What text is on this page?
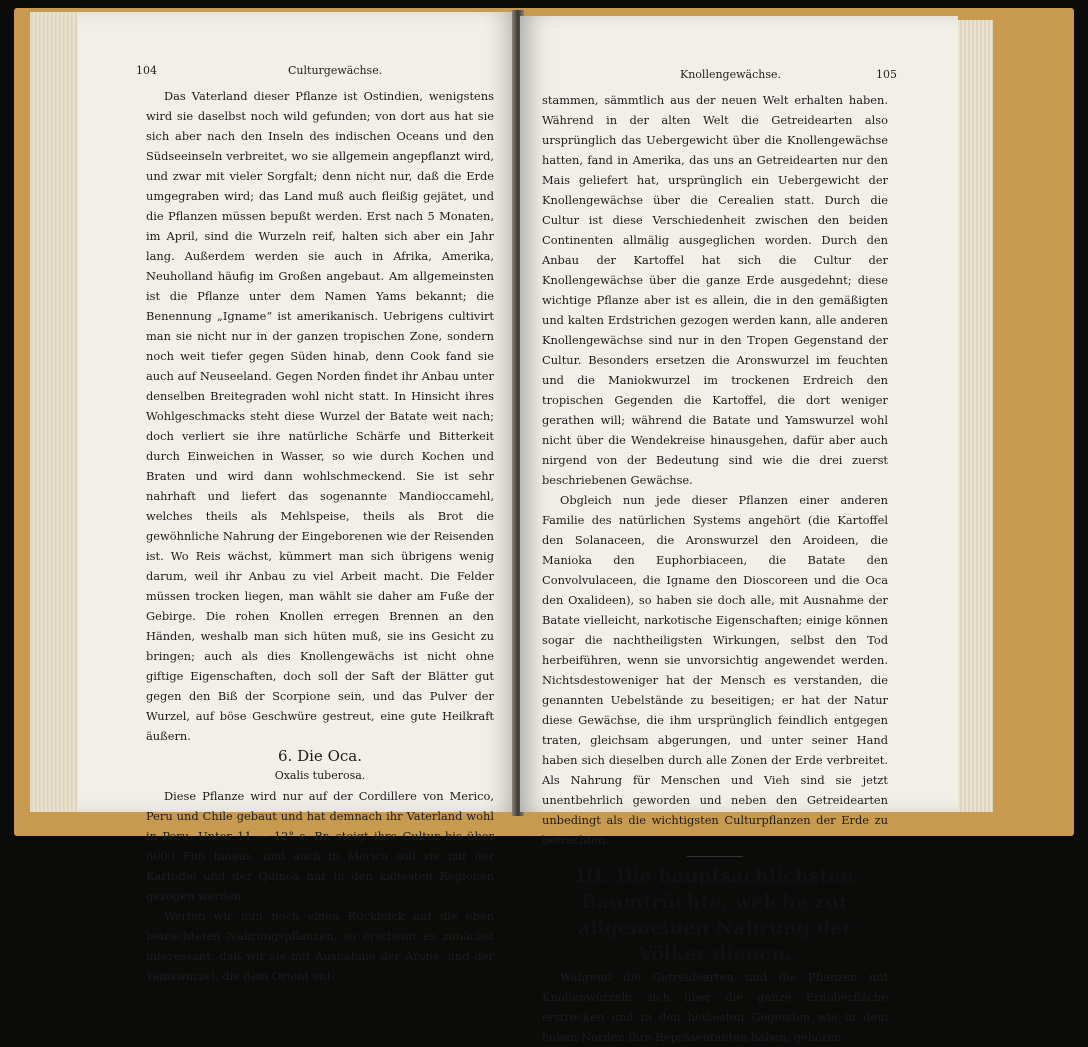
104	Culturgewächse.

Das Vaterland dieser Pflanze ist Ostindien, wenigstens wird sie daselbst noch wild gefunden; von dort aus hat sie sich aber nach den Inseln des indischen Oceans und den Südseeinseln verbreitet, wo sie allgemein angepflanzt wird, und zwar mit vieler Sorgfalt; denn nicht nur, daß die Erde umgegraben wird; das Land muß auch fleißig gejätet, und die Pflanzen müssen bepußt werden. Erst nach 5 Monaten, im April, sind die Wurzeln reif, halten sich aber ein Jahr lang. Außerdem werden sie auch in Afrika, Amerika, Neuholland häufig im Großen angebaut. Am allgemeinsten ist die Pflanze unter dem Namen Yams bekannt; die Benennung „Igname“ ist amerikanisch. Uebrigens cultivirt man sie nicht nur in der ganzen tropischen Zone, sondern noch weit tiefer gegen Süden hinab, denn Cook fand sie auch auf Neuseeland. Gegen Norden findet ihr Anbau unter denselben Breitegraden wohl nicht statt. In Hinsicht ihres Wohlgeschmacks steht diese Wurzel der Batate weit nach; doch verliert sie ihre natürliche Schärfe und Bitterkeit durch Einweichen in Wasser, so wie durch Kochen und Braten und wird dann wohlschmeckend. Sie ist sehr nahrhaft und liefert das sogenannte Mandioccamehl, welches theils als Mehlspeise, theils als Brot die gewöhnliche Nahrung der Eingeborenen wie der Reisenden ist. Wo Reis wächst, kümmert man sich übrigens wenig darum, weil ihr Anbau zu viel Arbeit macht. Die Felder müssen trocken liegen, man wählt sie daher am Fuße der Gebirge. Die rohen Knollen erregen Brennen an den Händen, weshalb man sich hüten muß, sie ins Gesicht zu bringen; auch als dies Knollengewächs ist nicht ohne giftige Eigenschaften, doch soll der Saft der Blätter gut gegen den Biß der Scorpione sein, und das Pulver der Wurzel, auf böse Geschwüre gestreut, eine gute Heilkraft äußern.

6. Die Oca.

Oxalis tuberosa.

Diese Pflanze wird nur auf der Cordillere von Merico, Peru und Chile gebaut und hat demnach ihr Vaterland wohl in Peru. Unter 11 — 12° s. Br. steigt ihre Cultur bis über 8000 Fuß hinaus, und auch in Merico soll sie mit der Kartoffel und der Quinoa nur in den kältesten Regionen gezogen werden.

Werfen wir nun noch einen Rückblick auf die eben betrachteten Nahrungspflanzen, so erscheint es zunächst interessant, daß wir sie mit Ausnahme der Arons- und der Yamswurzel, die dem Orient ent-

Knollengewächse.	105

stammen, sämmtlich aus der neuen Welt erhalten haben. Während in der alten Welt die Getreidearten also ursprünglich das Uebergewicht über die Knollengewächse hatten, fand in Amerika, das uns an Getreidearten nur den Mais geliefert hat, ursprünglich ein Uebergewicht der Knollengewächse über die Cerealien statt. Durch die Cultur ist diese Verschiedenheit zwischen den beiden Continenten allmälig ausgeglichen worden. Durch den Anbau der Kartoffel hat sich die Cultur der Knollengewächse über die ganze Erde ausgedehnt; diese wichtige Pflanze aber ist es allein, die in den gemäßigten und kalten Erdstrichen gezogen werden kann, alle anderen Knollengewächse sind nur in den Tropen Gegenstand der Cultur. Besonders ersetzen die Aronswurzel im feuchten und die Maniokwurzel im trockenen Erdreich den tropischen Gegenden die Kartoffel, die dort weniger gerathen will; während die Batate und Yamswurzel wohl nicht über die Wendekreise hinausgehen, dafür aber auch nirgend von der Bedeutung sind wie die drei zuerst beschriebenen Gewächse.

Obgleich nun jede dieser Pflanzen einer anderen Familie des natürlichen Systems angehört (die Kartoffel den Solanaceen, die Aronswurzel den Aroideen, die Manioka den Euphorbiaceen, die Batate den Convolvulaceen, die Igname den Dioscoreen und die Oca den Oxalideen), so haben sie doch alle, mit Ausnahme der Batate vielleicht, narkotische Eigenschaften; einige können sogar die nachtheiligsten Wirkungen, selbst den Tod herbeiführen, wenn sie unvorsichtig angewendet werden. Nichtsdestoweniger hat der Mensch es verstanden, die genannten Uebelstände zu beseitigen; er hat der Natur diese Gewächse, die ihm ursprünglich feindlich entgegen traten, gleichsam abgerungen, und unter seiner Hand haben sich dieselben durch alle Zonen der Erde verbreitet. Als Nahrung für Menschen und Vieh sind sie jetzt unentbehrlich geworden und neben den Getreidearten unbedingt als die wichtigsten Culturpflanzen der Erde zu betrachten.

III. Die hauptsächlichsten Baumfrüchte, welche zur allgemeinen Nahrung der Völker dienen.

Während die Getreidearten und die Pflanzen mit Knollenwurzeln sich über die ganze Erdoberfläche erstrecken und in den heißesten Gegenden wie in dem hohen Norden ihre Repräsentanten haben, gehören
